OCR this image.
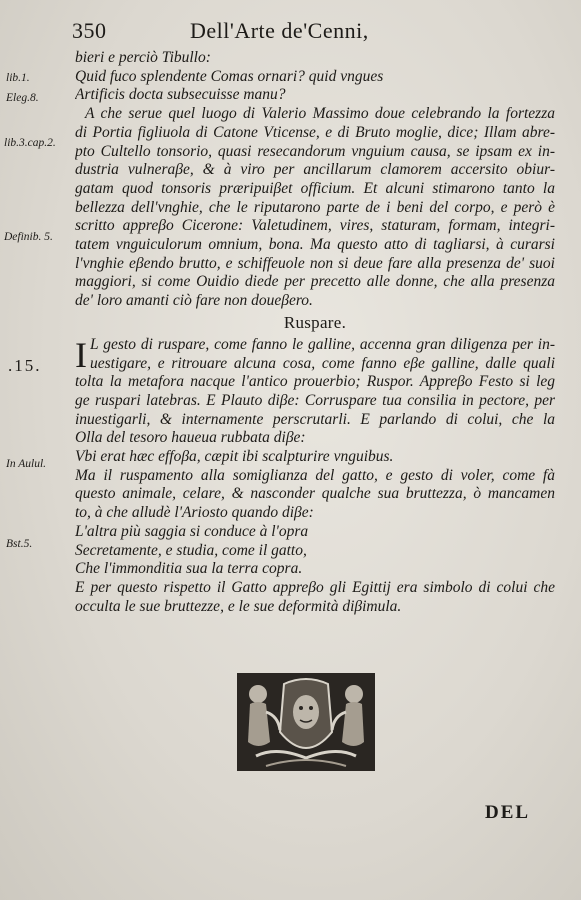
350	Dell'Arte de'Cenni,
lib.1.
Eleg.8.
lib.3.cap.2.
Definib. 5.
.15.
In Aulul.
Bst.5.
bieri e perciò Tibullo:
Quid fuco splendente Comas ornari? quid vngues
Artificis docta subsecuisse manu?
A che serue quel luogo di Valerio Massimo doue celebrando la fortezza
di Portia figliuola di Catone Vticense, e di Bruto moglie, dice; Illam abre-
pto Cultello tonsorio, quasi resecandorum vnguium causa, se ipsam ex in-
dustria vulneraβe, & à viro per ancillarum clamorem accersito obiur-
gatam quod tonsoris præripuiβet officium. Et alcuni stimarono tanto la
bellezza dell'vnghie, che le riputarono parte de i beni del corpo, e però è
scritto appreβo Cicerone: Valetudinem, vires, staturam, formam, integri-
tatem vnguiculorum omnium, bona. Ma questo atto di tagliarsi, à curarsi
l'vnghie eβendo brutto, e schiffeuole non si deue fare alla presenza de' suoi
maggiori, si come Ouidio diede per precetto alle donne, che alla presenza
de' loro amanti ciò fare non doueβero.
Ruspare.
I L gesto di ruspare, come fanno le galline, accenna gran diligenza per in-
uestigare, e ritrouare alcuna cosa, come fanno eβe galline, dalle quali
tolta la metafora nacque l'antico prouerbio; Ruspor. Appreβo Festo si leg
ge ruspari latebras. E Plauto diβe: Corruspare tua consilia in pectore, per
inuestigarli, & internamente perscrutarli. E parlando di colui, che la
Olla del tesoro haueua rubbata diβe:
Vbi erat hæc effoβa, cæpit ibi scalpturire vnguibus.
Ma il ruspamento alla somiglianza del gatto, e gesto di voler, come fà
questo animale, celare, & nasconder qualche sua bruttezza, ò mancamen
to, à che alludè l'Ariosto quando diβe:
L'altra più saggia si conduce à l'opra
Secretamente, e studia, come il gatto,
Che l'immonditia sua la terra copra.
E per questo rispetto il Gatto appreβo gli Egittij era simbolo di colui che
occulta le sue bruttezze, e le sue deformità diβimula.
DEL
